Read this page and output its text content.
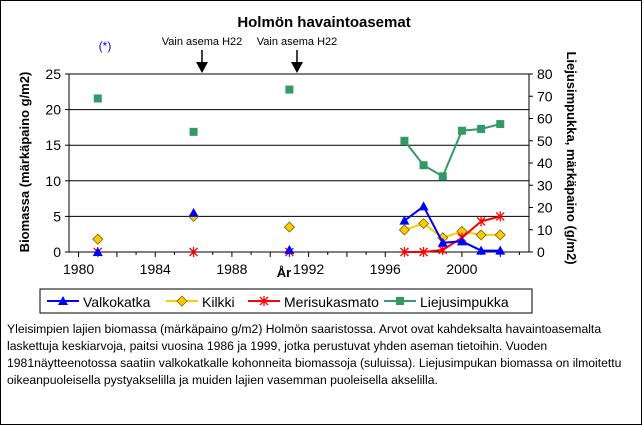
Holmön havaintoasemat
0
5
10
15
20
25
0
10
20
30
40
50
60
70
80
1980	1984	1988	1992	1996	2000
Biomassa (märkäpaino g/m2)	Liejusimpukka, märkäpaino (g/m2)
År
(*)	Vain asema H22 Vain asema H22
Valkokatka	Kilkki	Merisukasmato	Liejusimpukka

Yleisimpien lajien biomassa (märkäpaino g/m2) Holmön saaristossa. Arvot ovat kahdeksalta havaintoasemalta laskettuja keskiarvoja, paitsi vuosina 1986 ja 1999, jotka perustuvat yhden aseman tietoihin. Vuoden 1981näytteenotossa saatiin valkokatkalle kohonneita biomassoja (suluissa). Liejusimpukan biomassa on ilmoitettu oikeanpuoleisella pystyakselilla ja muiden lajien vasemman puoleisella akselilla.
